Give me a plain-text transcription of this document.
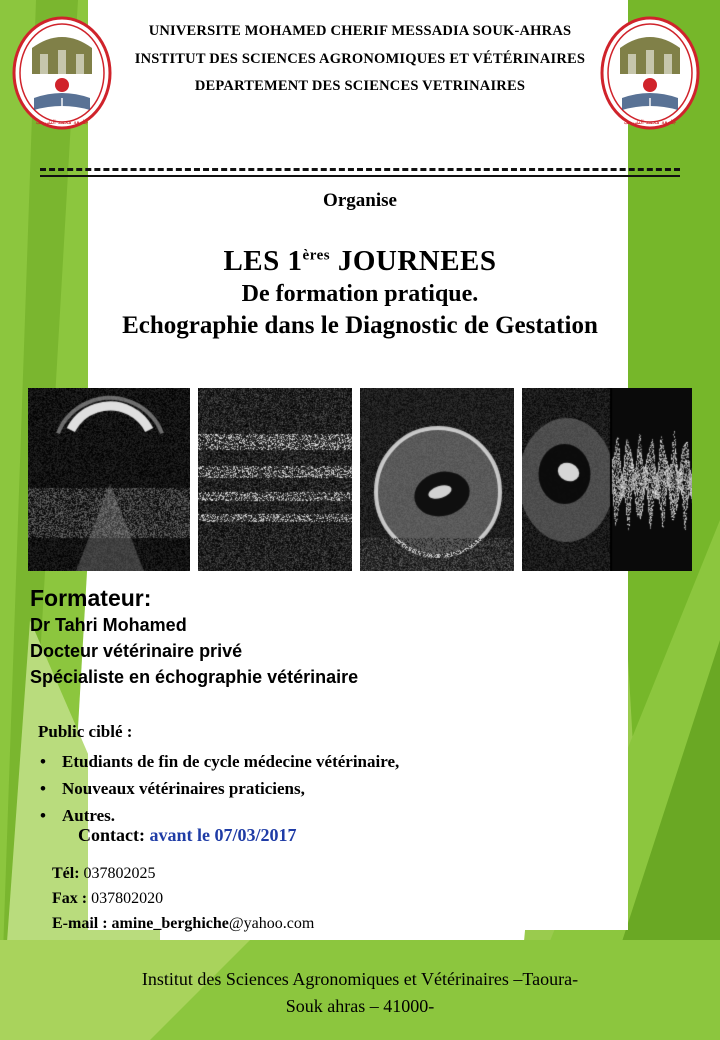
UNIVERSITE MOHAMED CHERIF MESSADIA SOUK-AHRAS
INSTITUT DES SCIENCES AGRONOMIQUES ET VÉTÉRINAIRES
DEPARTEMENT DES SCIENCES VETRINAIRES
جامعة محمد الشريف	جامعة محمد الشريف
Organise
LES 1ères JOURNEES
De formation pratique.
Echographie dans le Diagnostic de Gestation
Formateur:
Dr Tahri Mohamed
Docteur vétérinaire privé
Spécialiste en échographie vétérinaire
Public ciblé :
• Etudiants de fin de cycle médecine vétérinaire,
• Nouveaux vétérinaires praticiens,
• Autres.
Contact: avant le 07/03/2017
Tél: 037802025
Fax : 037802020
E-mail : amine_berghiche@yahoo.com
Institut des Sciences Agronomiques et Vétérinaires –Taoura-
Souk ahras – 41000-
